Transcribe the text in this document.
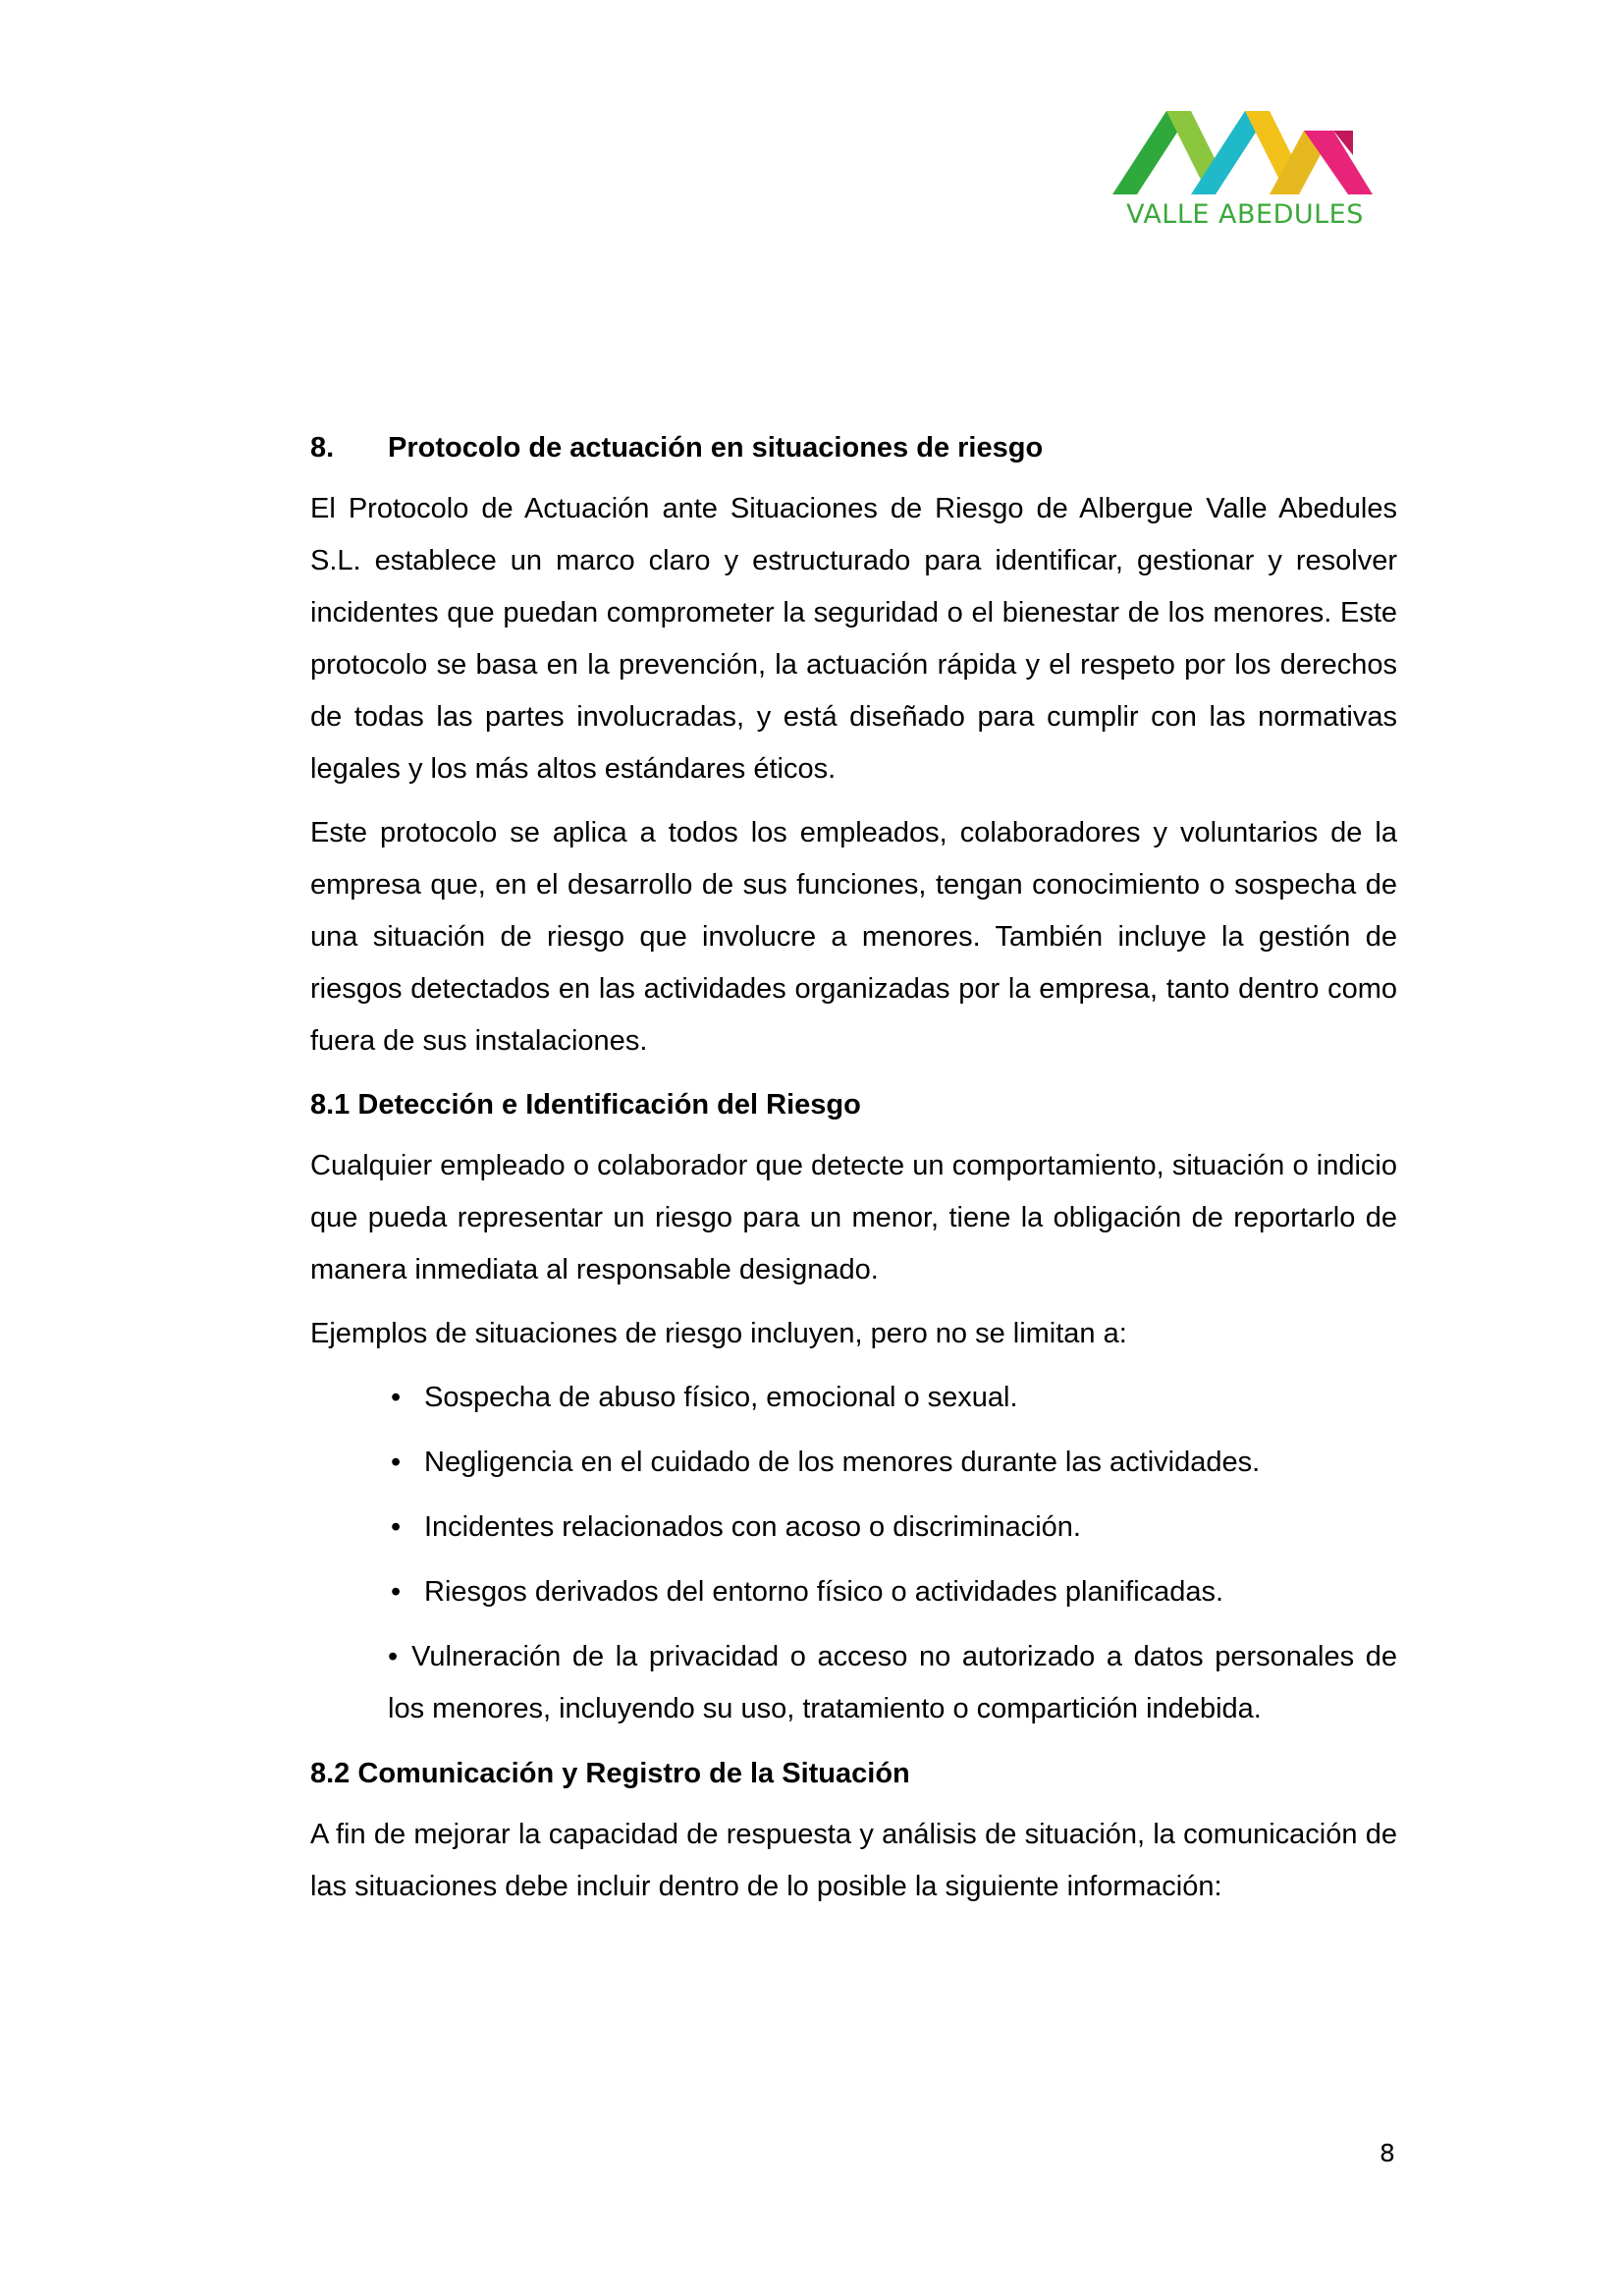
VALLE ABEDULES
8.	Protocolo de actuación en situaciones de riesgo

El Protocolo de Actuación ante Situaciones de Riesgo de Albergue Valle Abedules S.L. establece un marco claro y estructurado para identificar, gestionar y resolver incidentes que puedan comprometer la seguridad o el bienestar de los menores. Este protocolo se basa en la prevención, la actuación rápida y el respeto por los derechos de todas las partes involucradas, y está diseñado para cumplir con las normativas legales y los más altos estándares éticos.

Este protocolo se aplica a todos los empleados, colaboradores y voluntarios de la empresa que, en el desarrollo de sus funciones, tengan conocimiento o sospecha de una situación de riesgo que involucre a menores. También incluye la gestión de riesgos detectados en las actividades organizadas por la empresa, tanto dentro como fuera de sus instalaciones.

8.1 Detección e Identificación del Riesgo

Cualquier empleado o colaborador que detecte un comportamiento, situación o indicio que pueda representar un riesgo para un menor, tiene la obligación de reportarlo de manera inmediata al responsable designado.

Ejemplos de situaciones de riesgo incluyen, pero no se limitan a:

• Sospecha de abuso físico, emocional o sexual.
• Negligencia en el cuidado de los menores durante las actividades.
• Incidentes relacionados con acoso o discriminación.
• Riesgos derivados del entorno físico o actividades planificadas.
• Vulneración de la privacidad o acceso no autorizado a datos personales de los menores, incluyendo su uso, tratamiento o compartición indebida.
8.2 Comunicación y Registro de la Situación

A fin de mejorar la capacidad de respuesta y análisis de situación, la comunicación de las situaciones debe incluir dentro de lo posible la siguiente información:

8
